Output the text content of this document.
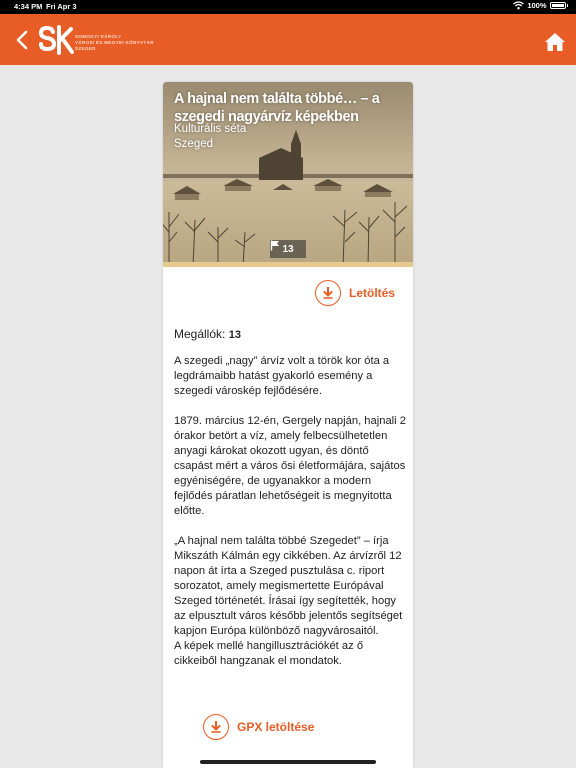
4:34 PM Fri Apr 3	100%
SOMOGYI KÁROLY
VÁROSI ÉS MEGYEI KÖNYVTÁR
SZEGED
A hajnal nem találta többé… – a szegedi nagyárvíz képekben
Kulturális séta
Szeged
13
Letöltés
Megállók: 13

A szegedi „nagy” árvíz volt a török kor óta a legdrámaibb hatást gyakorló esemény a szegedi városkép fejlődésére.

1879. március 12-én, Gergely napján, hajnali 2 órakor betört a víz, amely felbecsülhetetlen anyagi károkat okozott ugyan, és döntő csapást mért a város ősi életformájára, sajátos egyéniségére, de ugyanakkor a modern fejlődés páratlan lehetőségeit is megnyitotta előtte.

„A hajnal nem találta többé Szegedet” – írja Mikszáth Kálmán egy cikkében. Az árvízről 12 napon át írta a Szeged pusztulása c. riport sorozatot, amely megismertette Európával Szeged történetét. Írásai így segítették, hogy az elpusztult város később jelentős segítséget kapjon Európa különböző nagyvárosaitól.

A képek mellé hangillusztrációkét az ő cikkeiből hangzanak el mondatok.

GPX letöltése
